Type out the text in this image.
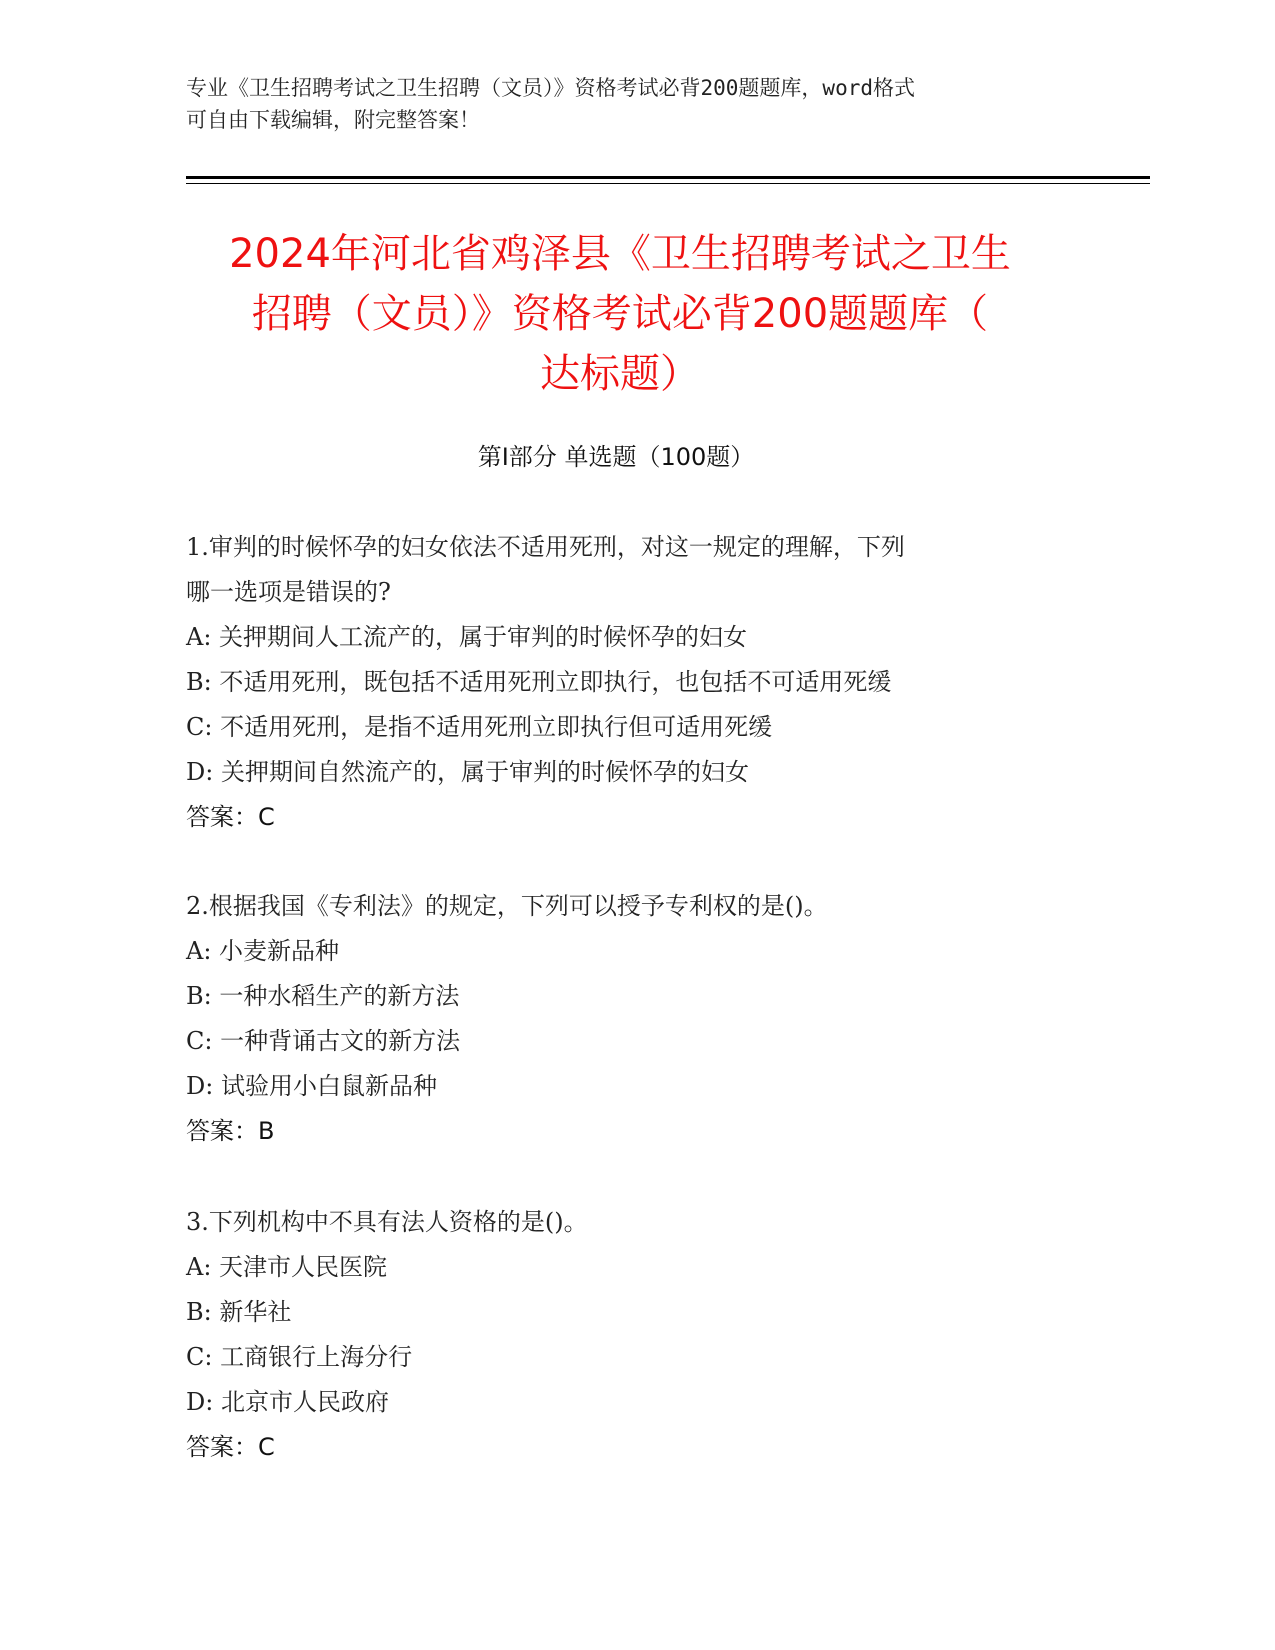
专业《卫生招聘考试之卫生招聘（文员）》资格考试必背200题题库，word格式
可自由下载编辑，附完整答案！
2024年河北省鸡泽县《卫生招聘考试之卫生
招聘（文员）》资格考试必背200题题库（
达标题）
第Ⅰ部分 单选题（100题）
1.审判的时候怀孕的妇女依法不适用死刑，对这一规定的理解，下列
哪一选项是错误的?
A: 关押期间人工流产的，属于审判的时候怀孕的妇女
B: 不适用死刑，既包括不适用死刑立即执行，也包括不可适用死缓
C: 不适用死刑，是指不适用死刑立即执行但可适用死缓
D: 关押期间自然流产的，属于审判的时候怀孕的妇女
答案：C
2.根据我国《专利法》的规定，下列可以授予专利权的是()。
A: 小麦新品种
B: 一种水稻生产的新方法
C: 一种背诵古文的新方法
D: 试验用小白鼠新品种
答案：B
3.下列机构中不具有法人资格的是()。
A: 天津市人民医院
B: 新华社
C: 工商银行上海分行
D: 北京市人民政府
答案：C
